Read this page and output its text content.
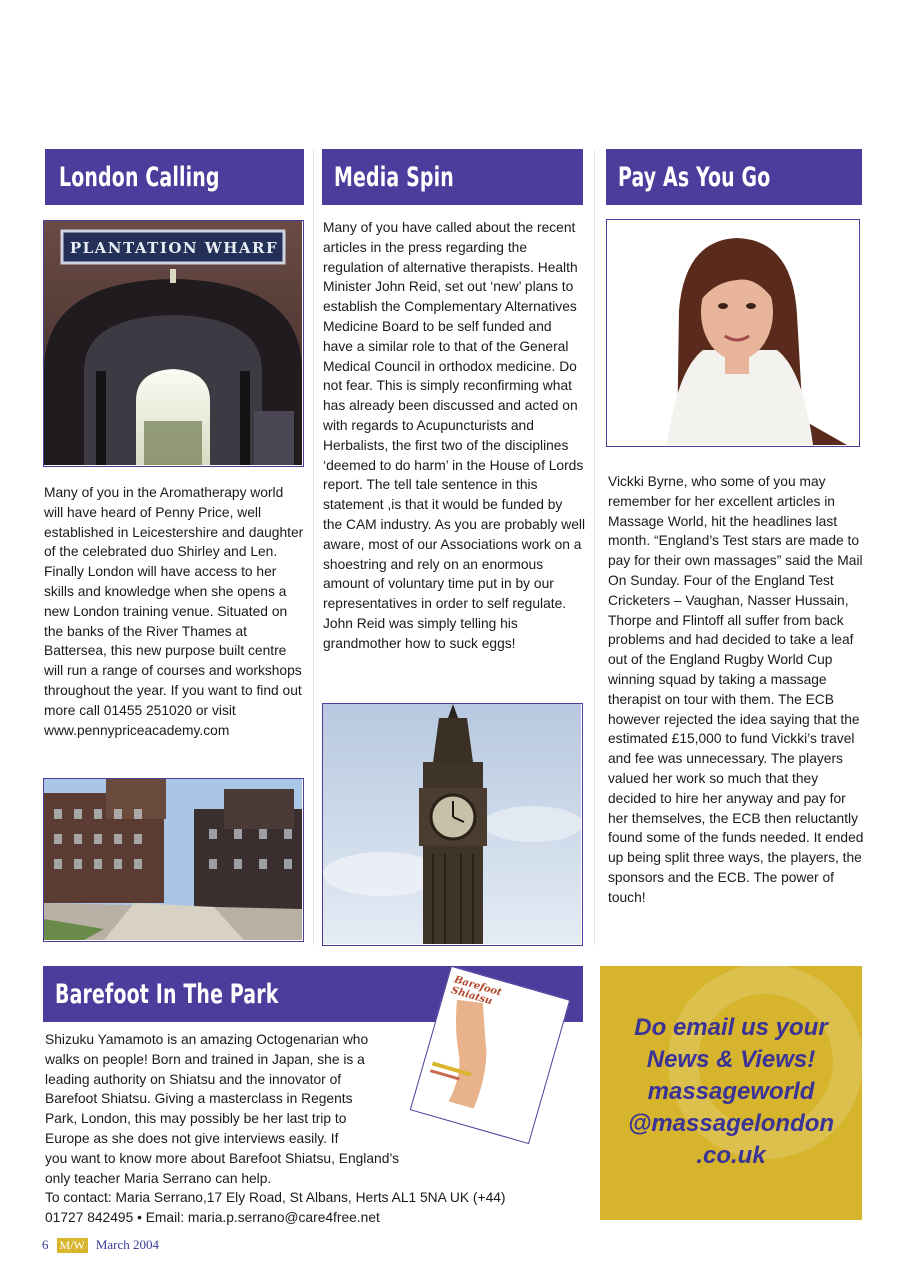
London Calling
PLANTATION WHARF

Many of you in the Aromatherapy world will have heard of Penny Price, well established in Leicestershire and daughter of the celebrated duo Shirley and Len. Finally London will have access to her skills and knowledge when she opens a new London training venue. Situated on the banks of the River Thames at Battersea, this new purpose built centre will run a range of courses and workshops throughout the year. If you want to find out more call 01455 251020 or visit www.pennypriceacademy.com

Media Spin

Many of you have called about the recent articles in the press regarding the regulation of alternative therapists. Health Minister John Reid, set out ‘new’ plans to establish the Complementary Alternatives Medicine Board to be self funded and have a similar role to that of the General Medical Council in orthodox medicine. Do not fear. This is simply reconfirming what has already been discussed and acted on with regards to Acupuncturists and Herbalists, the first two of the disciplines ‘deemed to do harm’ in the House of Lords report. The tell tale sentence in this statement ,is that it would be funded by the CAM industry. As you are probably well aware, most of our Associations work on a shoestring and rely on an enormous amount of voluntary time put in by our representatives in order to self regulate. John Reid was simply telling his grandmother how to suck eggs!

Pay As You Go

Vickki Byrne, who some of you may remember for her excellent articles in Massage World, hit the headlines last month. “England’s Test stars are made to pay for their own massages” said the Mail On Sunday. Four of the England Test Cricketers – Vaughan, Nasser Hussain, Thorpe and Flintoff all suffer from back problems and had decided to take a leaf out of the England Rugby World Cup winning squad by taking a massage therapist on tour with them. The ECB however rejected the idea saying that the estimated £15,000 to fund Vickki’s travel and fee was unnecessary. The players valued her work so much that they decided to hire her anyway and pay for her themselves, the ECB then reluctantly found some of the funds needed. It ended up being split three ways, the players, the sponsors and the ECB. The power of touch!

Barefoot In The Park	Barefoot Shiatsu
Shizuku Yamamoto is an amazing Octogenarian who
walks on people! Born and trained in Japan, she is a
leading authority on Shiatsu and the innovator of
Barefoot Shiatsu. Giving a masterclass in Regents
Park, London, this may possibly be her last trip to
Europe as she does not give interviews easily. If
you want to know more about Barefoot Shiatsu, England’s
only teacher Maria Serrano can help.
To contact: Maria Serrano,17 Ely Road, St Albans, Herts AL1 5NA UK (+44)
01727 842495 • Email: maria.p.serrano@care4free.net
Do email us your
News & Views!
massageworld
@massagelondon
.co.uk
6 M/W March 2004
